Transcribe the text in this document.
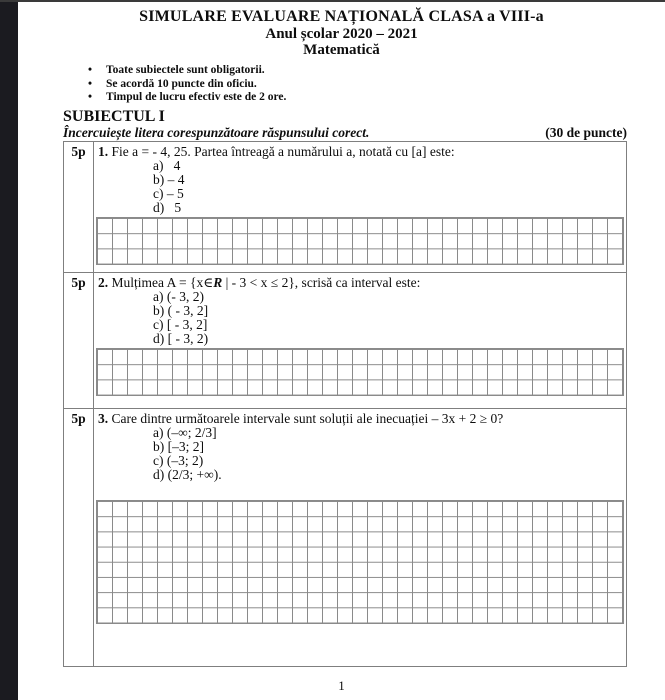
SIMULARE EVALUARE NAȚIONALĂ CLASA a VIII-a
Anul școlar 2020 – 2021
Matematică
•	Toate subiectele sunt obligatorii.
•	Se acordă 10 puncte din oficiu.
•	Timpul de lucru efectiv este de 2 ore.
SUBIECTUL I
Încercuiește litera corespunzătoare răspunsului corect.	(30 de puncte)
5p 1. Fie a = - 4, 25. Partea întreagă a numărului a, notată cu [a] este:
a)   4
b) – 4
c) – 5
d)   5
5p 2. Mulțimea A = {x∈R | - 3 < x ≤ 2}, scrisă ca interval este:
a) (- 3, 2)
b) ( - 3, 2]
c) [ - 3, 2]
d) [ - 3, 2)
5p 3. Care dintre următoarele intervale sunt soluții ale inecuației – 3x + 2 ≥ 0?
a) (–∞; 2/3]
b) [–3; 2]
c) (–3; 2)
d) (2/3; +∞).
1
